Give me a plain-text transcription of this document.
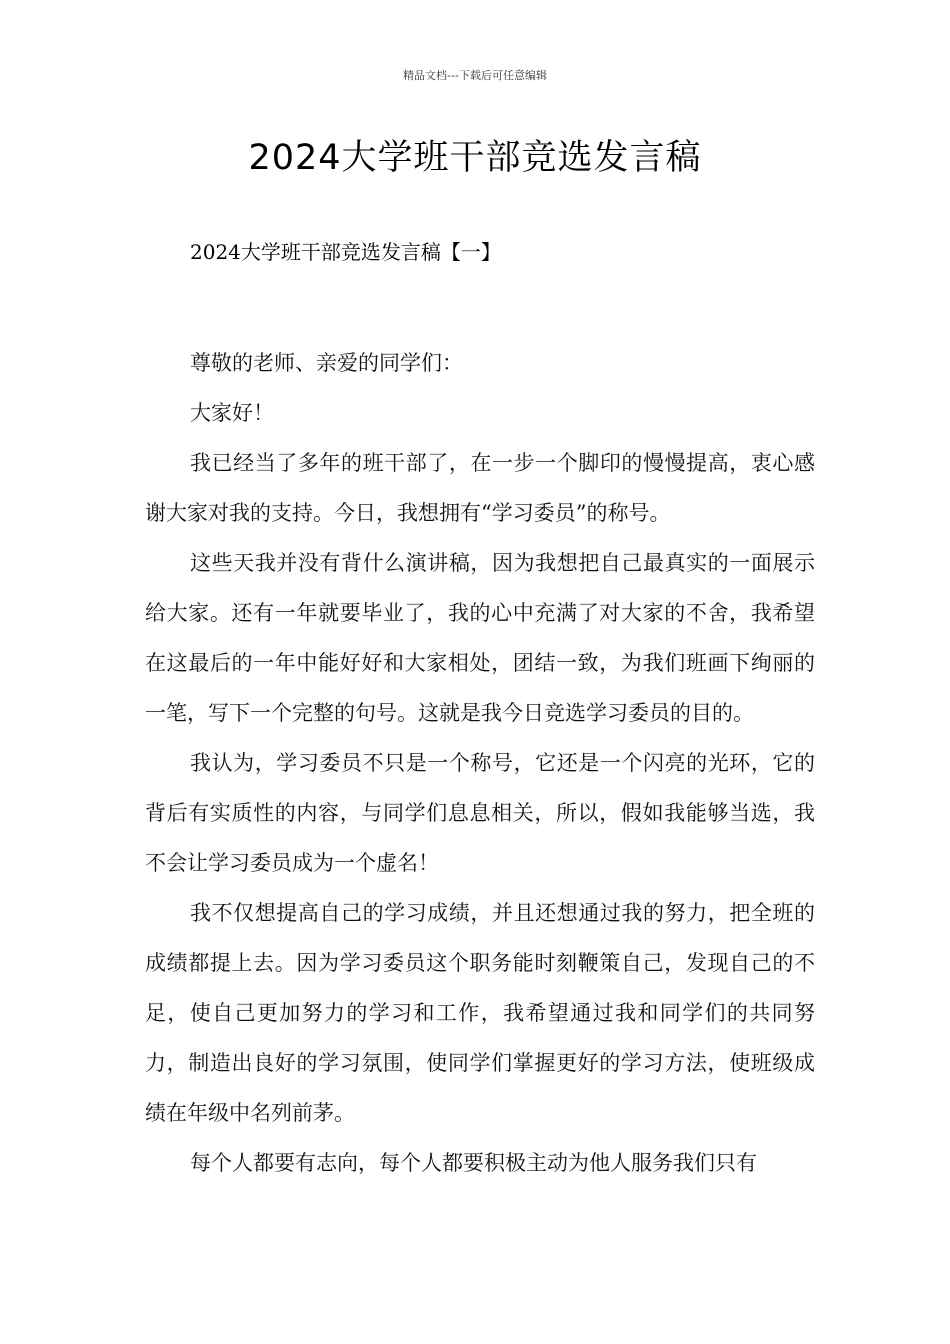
精品文档---下载后可任意编辑
2024大学班干部竞选发言稿
2024大学班干部竞选发言稿【一】

尊敬的老师、亲爱的同学们：

大家好！

我已经当了多年的班干部了，在一步一个脚印的慢慢提高，衷心感谢大家对我的支持。今日，我想拥有“学习委员”的称号。

这些天我并没有背什么演讲稿，因为我想把自己最真实的一面展示给大家。还有一年就要毕业了，我的心中充满了对大家的不舍，我希望在这最后的一年中能好好和大家相处，团结一致，为我们班画下绚丽的一笔，写下一个完整的句号。这就是我今日竞选学习委员的目的。

我认为，学习委员不只是一个称号，它还是一个闪亮的光环，它的背后有实质性的内容，与同学们息息相关，所以，假如我能够当选，我不会让学习委员成为一个虚名！

我不仅想提高自己的学习成绩，并且还想通过我的努力，把全班的成绩都提上去。因为学习委员这个职务能时刻鞭策自己，发现自己的不足，使自己更加努力的学习和工作，我希望通过我和同学们的共同努力，制造出良好的学习氛围，使同学们掌握更好的学习方法，使班级成绩在年级中名列前茅。

每个人都要有志向，每个人都要积极主动为他人服务我们只有
